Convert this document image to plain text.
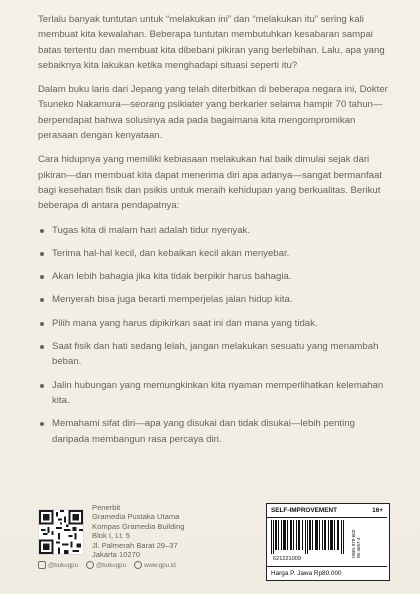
Terlalu banyak tuntutan untuk “melakukan ini” dan “melakukan itu” sering kali membuat kita kewalahan. Beberapa tuntutan membutuhkan kesabaran sampai batas tertentu dan membuat kita dibebani pikiran yang berlebihan. Lalu, apa yang sebaiknya kita lakukan ketika menghadapi situasi seperti itu?

Dalam buku laris dari Jepang yang telah diterbitkan di beberapa negara ini, Dokter Tsuneko Nakamura—seorang psikiater yang berkarier selama hampir 70 tahun—berpendapat bahwa solusinya ada pada bagaimana kita mengompromikan perasaan dengan kenyataan.

Cara hidupnya yang memiliki kebiasaan melakukan hal baik dimulai sejak dari pikiran—dan membuat kita dapat menerima diri apa adanya—sangat bermanfaat bagi kesehatan fisik dan psikis untuk meraih kehidupan yang berkualitas. Berikut beberapa di antara pendapatnya:

Tugas kita di malam hari adalah tidur nyenyak.
Terima hal-hal kecil, dan kebaikan kecil akan menyebar.
Akan lebih bahagia jika kita tidak berpikir harus bahagia.
Menyerah bisa juga berarti memperjelas jalan hidup kita.
Pilih mana yang harus dipikirkan saat ini dan mana yang tidak.
Saat fisik dan hati sedang lelah, jangan melakukan sesuatu yang menambah beban.
Jalin hubungan yang memungkinkan kita nyaman memperlihatkan kelemahan kita.
Memahami sifat diri—apa yang disukai dan tidak disukai—lebih penting daripada membangun rasa percaya diri.
Penerbit
Gramedia Pustaka Utama
Kompas Gramedia Building
Blok I, Lt. 5
Jl. Palmerah Barat 29–37
Jakarta 10270
@bukugpu	@bukugpu	www.gpu.id
SELF-IMPROVEMENT	16+
ISBN 978-602-06-4667-4
621221009
Harga P. Jawa Rp80.000
